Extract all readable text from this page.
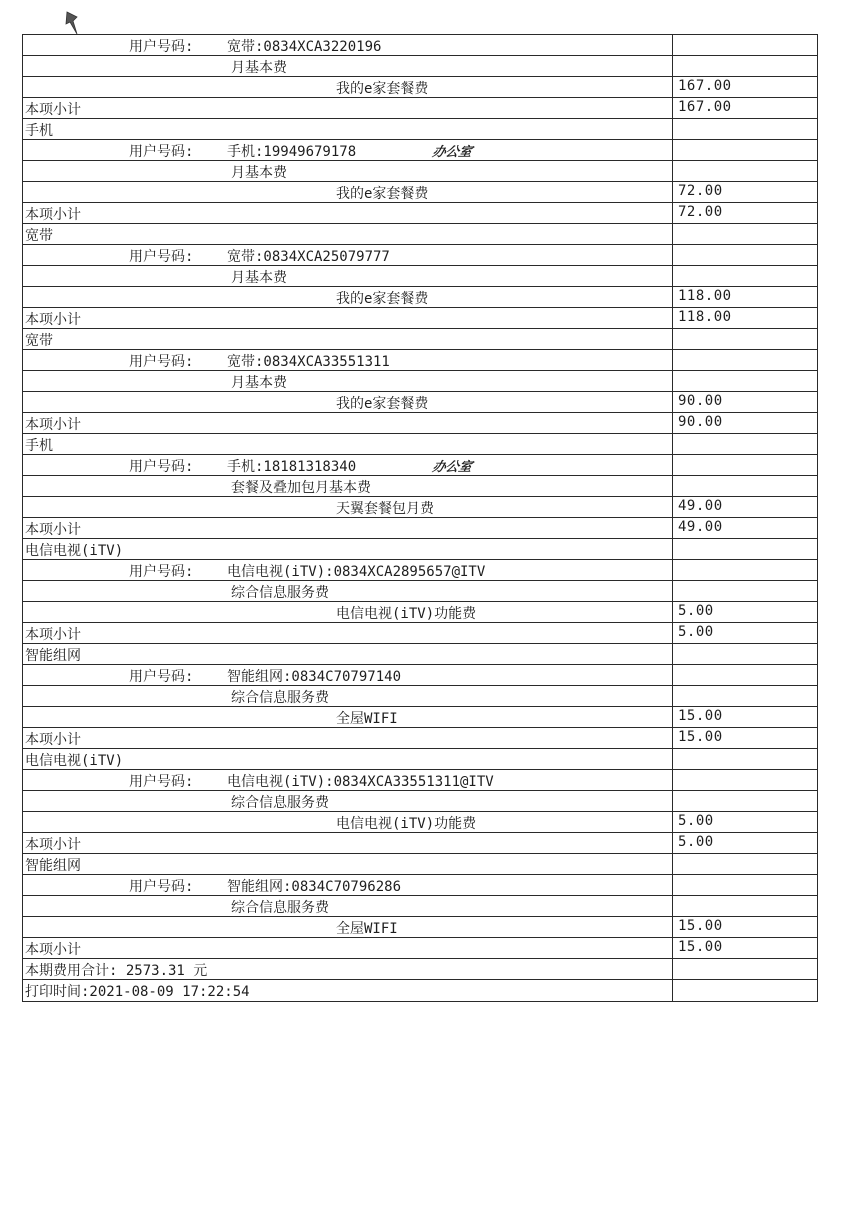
用户号码: 宽带:0834XCA3220196
月基本费
我的e家套餐费	167.00
本项小计	167.00
手机
用户号码: 手机:19949679178	办公室
月基本费
我的e家套餐费	72.00
本项小计	72.00
宽带
用户号码: 宽带:0834XCA25079777
月基本费
我的e家套餐费	118.00
本项小计	118.00
宽带
用户号码: 宽带:0834XCA33551311
月基本费
我的e家套餐费	90.00
本项小计	90.00
手机
用户号码: 手机:18181318340	办公室
套餐及叠加包月基本费
天翼套餐包月费	49.00
本项小计	49.00
电信电视(iTV)
用户号码: 电信电视(iTV):0834XCA2895657@ITV
综合信息服务费
电信电视(iTV)功能费	5.00
本项小计	5.00
智能组网
用户号码: 智能组网:0834C70797140
综合信息服务费
全屋WIFI	15.00
本项小计	15.00
电信电视(iTV)
用户号码: 电信电视(iTV):0834XCA33551311@ITV
综合信息服务费
电信电视(iTV)功能费	5.00
本项小计	5.00
智能组网
用户号码: 智能组网:0834C70796286
综合信息服务费
全屋WIFI	15.00
本项小计	15.00
本期费用合计: 2573.31 元
打印时间:2021-08-09 17:22:54
